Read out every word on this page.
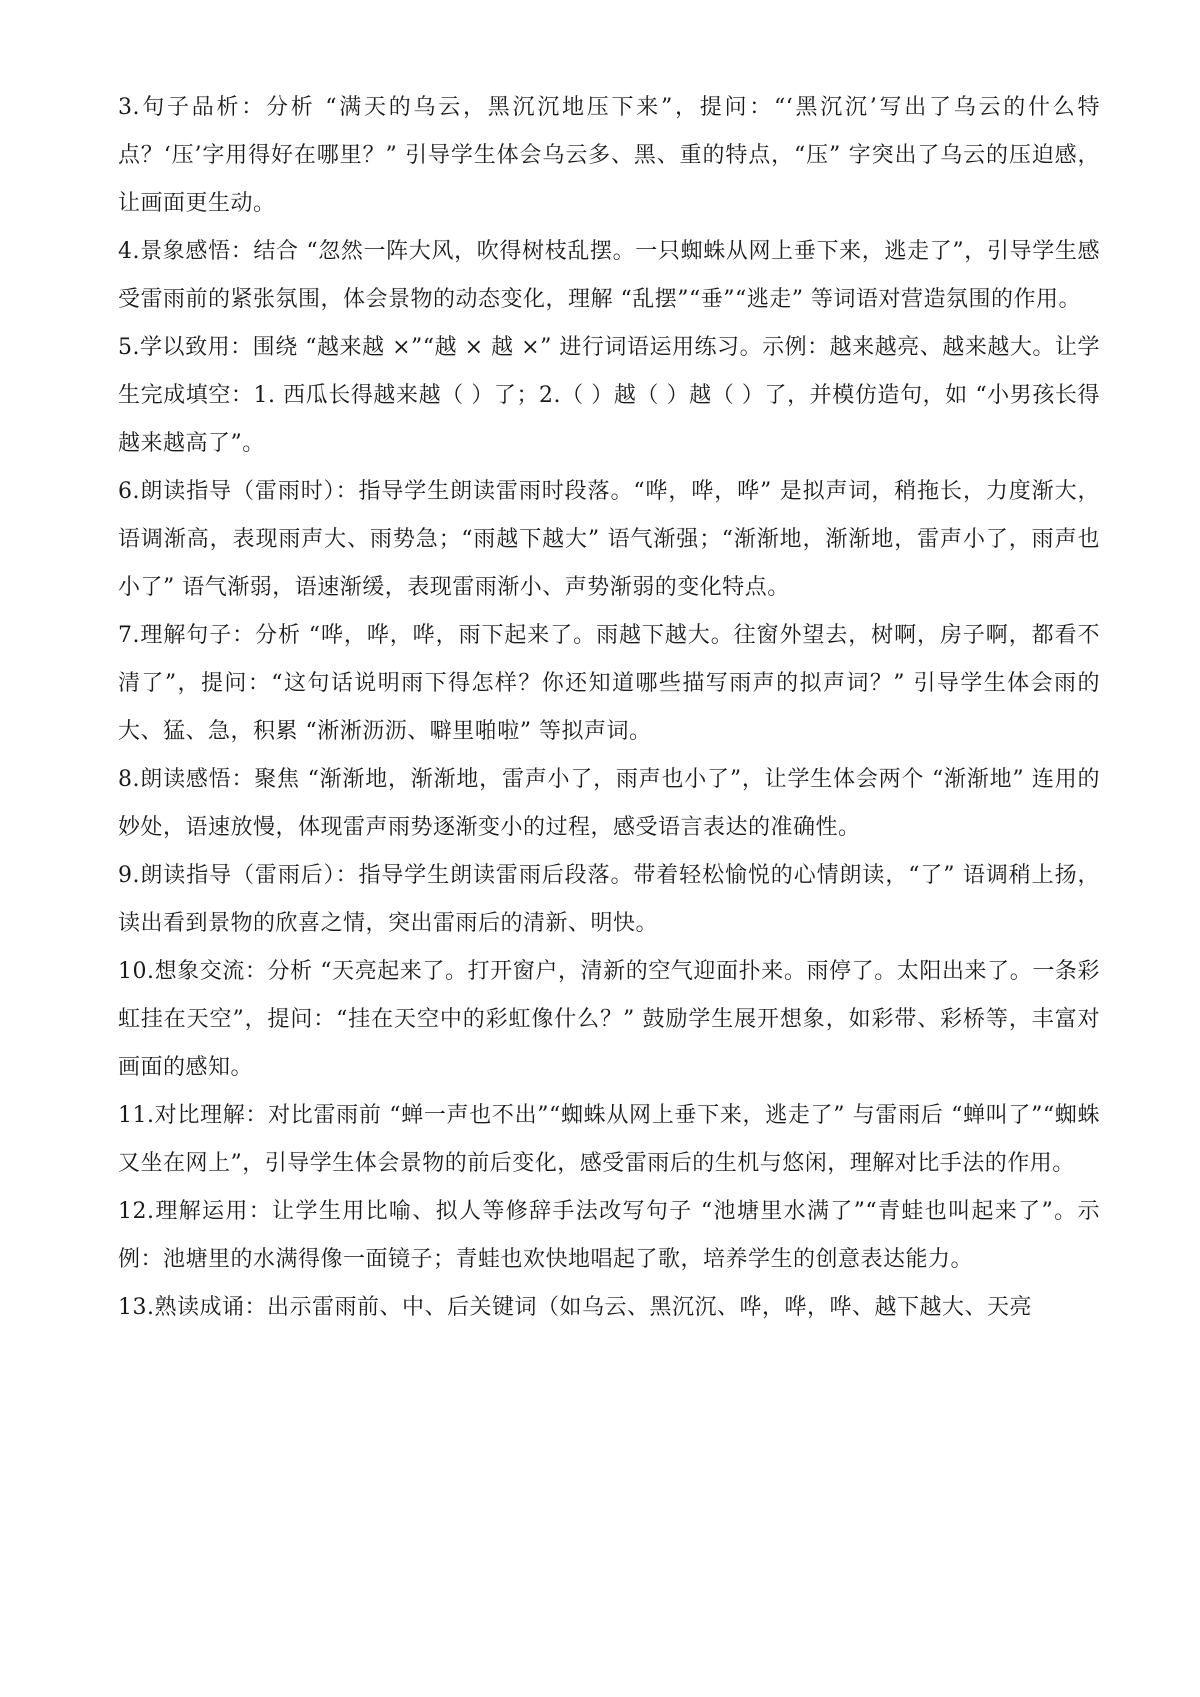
3.句子品析：分析 “满天的乌云，黑沉沉地压下来”，提问：“‘黑沉沉’写出了乌云的什么特点？‘压’字用得好在哪里？” 引导学生体会乌云多、黑、重的特点，“压” 字突出了乌云的压迫感，让画面更生动。

4.景象感悟：结合 “忽然一阵大风，吹得树枝乱摆。一只蜘蛛从网上垂下来，逃走了”，引导学生感受雷雨前的紧张氛围，体会景物的动态变化，理解 “乱摆”“垂”“逃走” 等词语对营造氛围的作用。

5.学以致用：围绕 “越来越 ×”“越 × 越 ×” 进行词语运用练习。示例：越来越亮、越来越大。让学生完成填空：1. 西瓜长得越来越（ ）了；2.（ ）越（ ）越（ ）了，并模仿造句，如 “小男孩长得越来越高了”。

6.朗读指导（雷雨时）：指导学生朗读雷雨时段落。“哗，哗，哗” 是拟声词，稍拖长，力度渐大，语调渐高，表现雨声大、雨势急；“雨越下越大” 语气渐强；“渐渐地，渐渐地，雷声小了，雨声也小了” 语气渐弱，语速渐缓，表现雷雨渐小、声势渐弱的变化特点。

7.理解句子：分析 “哗，哗，哗，雨下起来了。雨越下越大。往窗外望去，树啊，房子啊，都看不清了”，提问：“这句话说明雨下得怎样？你还知道哪些描写雨声的拟声词？” 引导学生体会雨的大、猛、急，积累 “淅淅沥沥、噼里啪啦” 等拟声词。

8.朗读感悟：聚焦 “渐渐地，渐渐地，雷声小了，雨声也小了”，让学生体会两个 “渐渐地” 连用的妙处，语速放慢，体现雷声雨势逐渐变小的过程，感受语言表达的准确性。

9.朗读指导（雷雨后）：指导学生朗读雷雨后段落。带着轻松愉悦的心情朗读，“了” 语调稍上扬，读出看到景物的欣喜之情，突出雷雨后的清新、明快。

10.想象交流：分析 “天亮起来了。打开窗户，清新的空气迎面扑来。雨停了。太阳出来了。一条彩虹挂在天空”，提问：“挂在天空中的彩虹像什么？” 鼓励学生展开想象，如彩带、彩桥等，丰富对画面的感知。

11.对比理解：对比雷雨前 “蝉一声也不出”“蜘蛛从网上垂下来，逃走了” 与雷雨后 “蝉叫了”“蜘蛛又坐在网上”，引导学生体会景物的前后变化，感受雷雨后的生机与悠闲，理解对比手法的作用。

12.理解运用：让学生用比喻、拟人等修辞手法改写句子 “池塘里水满了”“青蛙也叫起来了”。示例：池塘里的水满得像一面镜子；青蛙也欢快地唱起了歌，培养学生的创意表达能力。

13.熟读成诵：出示雷雨前、中、后关键词（如乌云、黑沉沉、哗，哗，哗、越下越大、天亮
